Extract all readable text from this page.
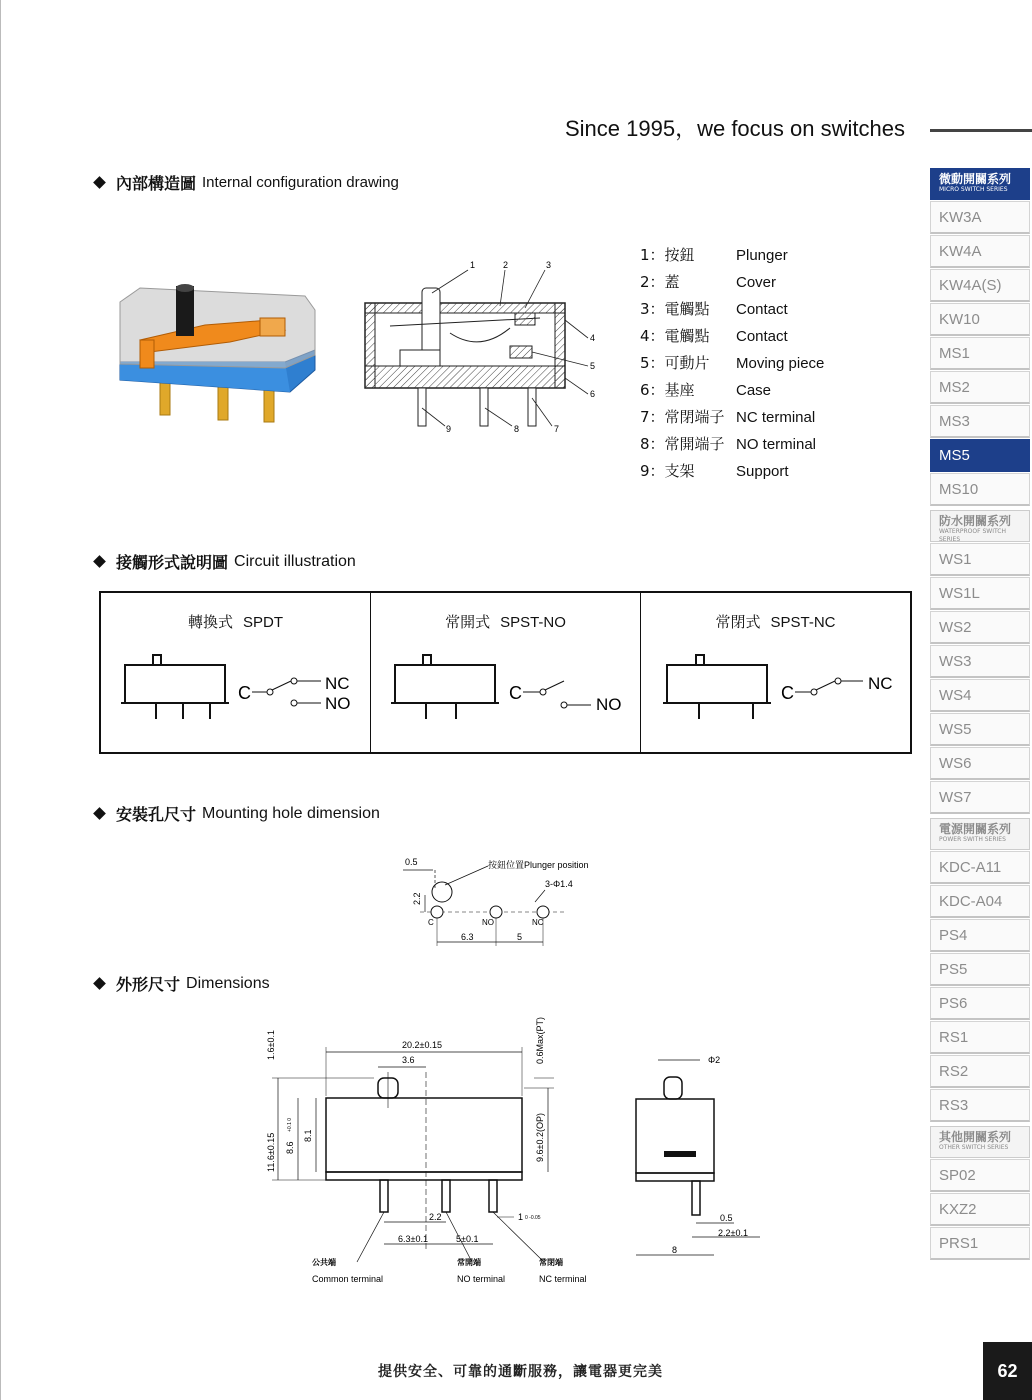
Since 1995，we focus on switches
內部構造圖 Internal configuration drawing
接觸形式說明圖 Circuit illustration
安裝孔尺寸 Mounting hole dimension
外形尺寸 Dimensions
1	2	3
4
5
6
7
8
9
1：按鈕	Plunger
2：蓋	Cover
3：電觸點	Contact
4：電觸點	Contact
5：可動片	Moving piece
6：基座	Case
7：常閉端子 NC terminal
8：常開端子 NO terminal
9：支架	Support
轉換式 SPDT
C	NC
NO
常開式 SPST-NO
C
NO
常閉式 SPST-NC
C	NC
0.5	按鈕位置Plunger position
3-Φ1.4
2.2
C	NO	NC
6.3	5
20.2±0.15
3.6	0.6Max(PT)
9.6±0.2(OP)
1.6±0.1
11.6±0.15 8.6
+0.1 0
8.1
2.2
6.3±0.1	5±0.1
1 0 -0.05
公共端
Common terminal
常開端
NO terminal
常閉端
NC terminal
Φ2
0.5
2.2±0.1
8
微動開關系列
MICRO SWITCH SERIES
KW3A
KW4A
KW4A(S)
KW10
MS1
MS2
MS3
MS5
MS10
防水開關系列
WATERPROOF SWITCH SERIES
WS1
WS1L
WS2
WS3
WS4
WS5
WS6
WS7
電源開關系列
POWER SWITH SERIES
KDC-A11
KDC-A04
PS4
PS5
PS6
RS1
RS2
RS3
其他開關系列
OTHER SWITCH SERIES
SP02
KXZ2
PRS1
提供安全、可靠的通斷服務，讓電器更完美	62
